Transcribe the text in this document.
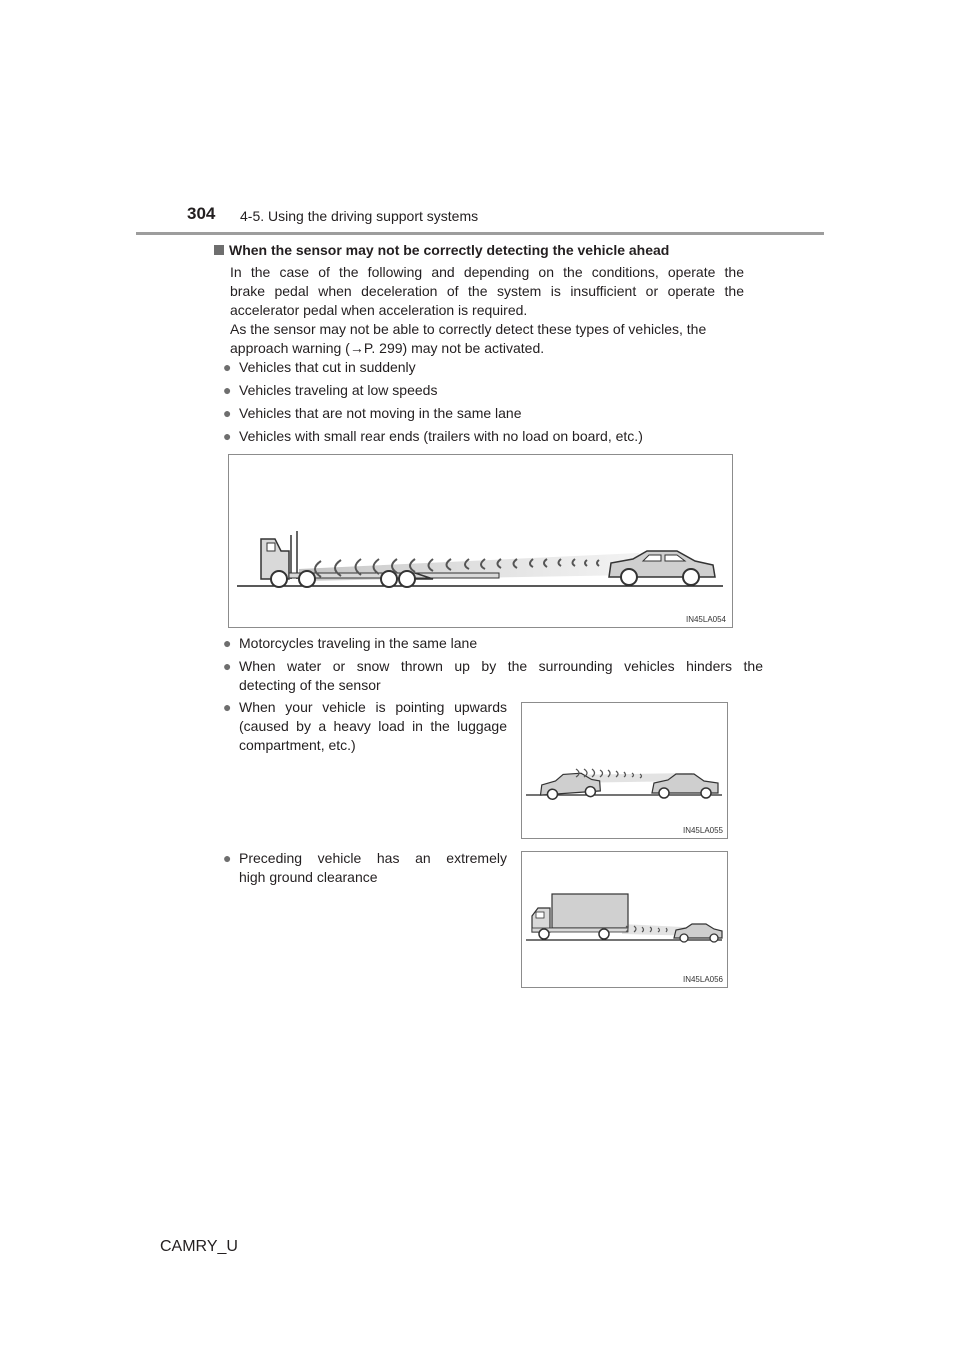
304 4-5. Using the driving support systems
When the sensor may not be correctly detecting the vehicle ahead
In the case of the following and depending on the conditions, operate the
brake pedal when deceleration of the system is insufficient or operate the
accelerator pedal when acceleration is required.
As the sensor may not be able to correctly detect these types of vehicles, the
approach warning (→P. 299) may not be activated.
● Vehicles that cut in suddenly
● Vehicles traveling at low speeds
● Vehicles that are not moving in the same lane
● Vehicles with small rear ends (trailers with no load on board, etc.)
IN45LA054
● Motorcycles traveling in the same lane
● When water or snow thrown up by the surrounding vehicles hinders the
detecting of the sensor
● When your vehicle is pointing upwards
(caused by a heavy load in the luggage
compartment, etc.)
IN45LA055
● Preceding vehicle has an extremely
high ground clearance
IN45LA056
CAMRY_U
